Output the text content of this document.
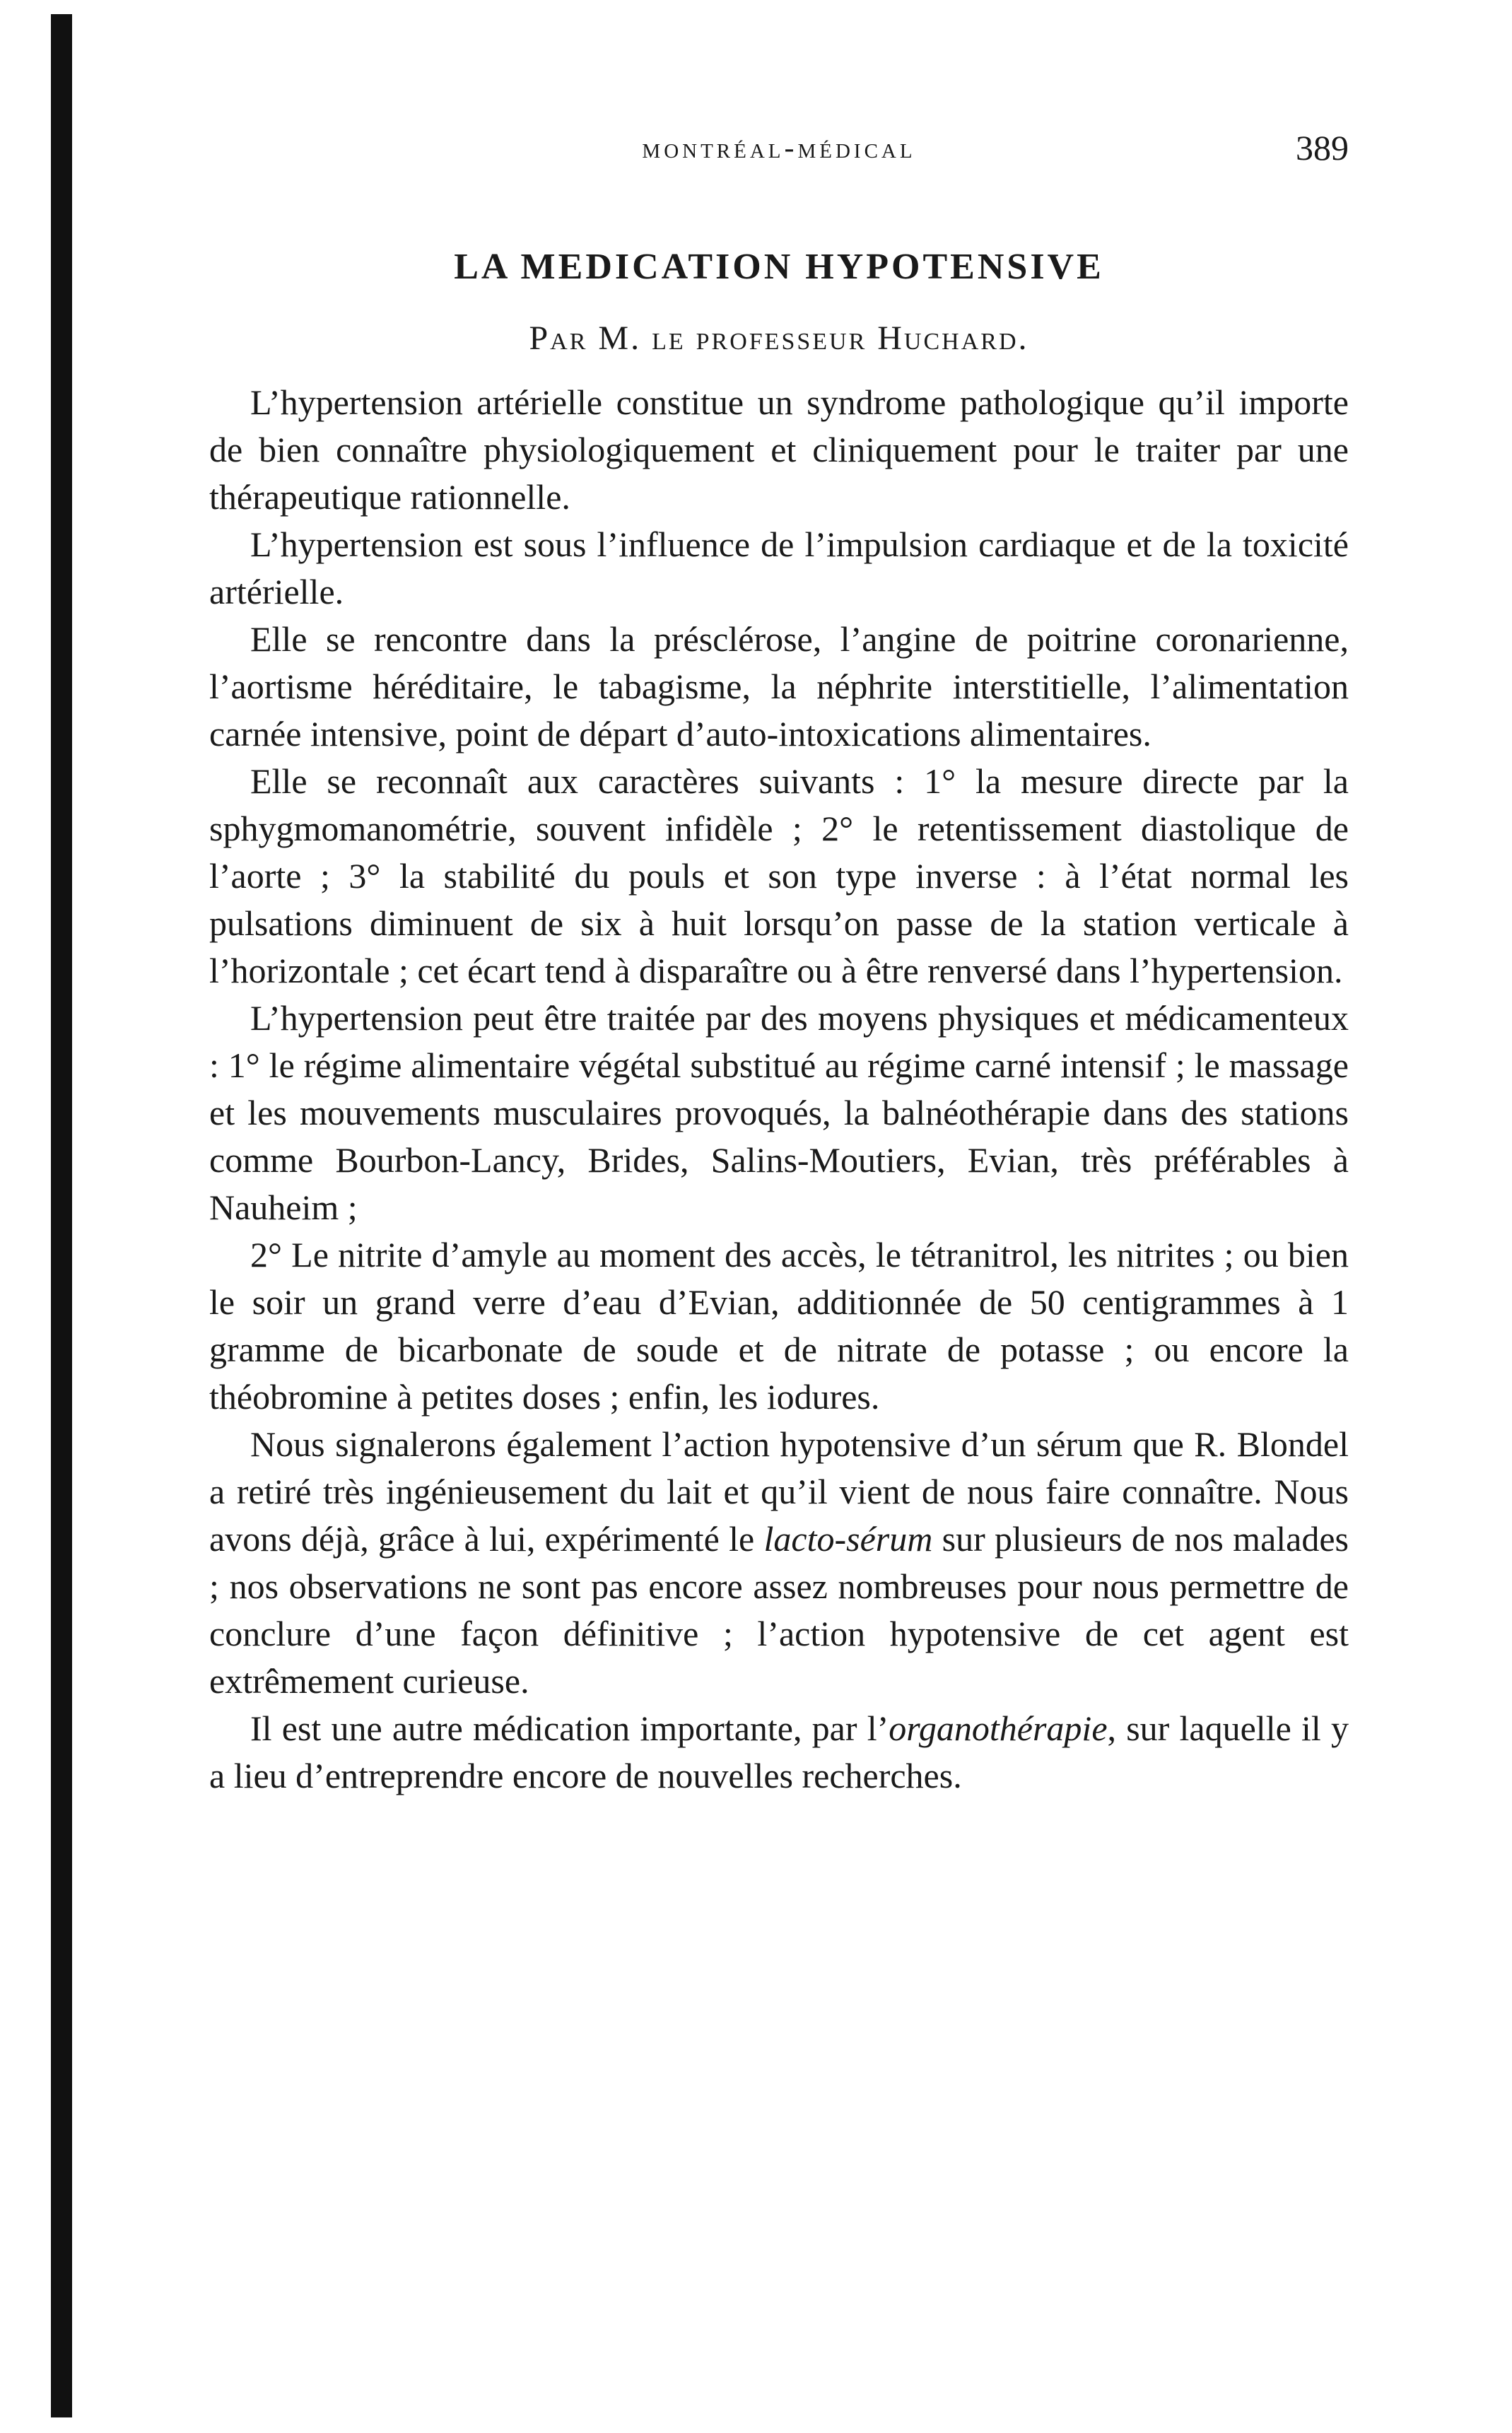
montréal-médical	389
LA MEDICATION HYPOTENSIVE
Par M. le professeur Huchard.

L’hypertension artérielle constitue un syndrome pathologique qu’il importe de bien connaître physiologiquement et cliniquement pour le traiter par une thérapeutique rationnelle.

L’hypertension est sous l’influence de l’impulsion cardiaque et de la toxicité artérielle.

Elle se rencontre dans la présclérose, l’angine de poitrine coronarienne, l’aortisme héréditaire, le tabagisme, la néphrite interstitielle, l’alimentation carnée intensive, point de départ d’auto-intoxications alimentaires.

Elle se reconnaît aux caractères suivants : 1° la mesure directe par la sphygmomanométrie, souvent infidèle ; 2° le retentissement diastolique de l’aorte ; 3° la stabilité du pouls et son type inverse : à l’état normal les pulsations diminuent de six à huit lorsqu’on passe de la station verticale à l’horizontale ; cet écart tend à disparaître ou à être renversé dans l’hypertension.

L’hypertension peut être traitée par des moyens physiques et médicamenteux : 1° le régime alimentaire végétal substitué au régime carné intensif ; le massage et les mouvements musculaires provoqués, la balnéothérapie dans des stations comme Bourbon-Lancy, Brides, Salins-Moutiers, Evian, très préférables à Nauheim ;

2° Le nitrite d’amyle au moment des accès, le tétranitrol, les nitrites ; ou bien le soir un grand verre d’eau d’Evian, additionnée de 50 centigrammes à 1 gramme de bicarbonate de soude et de nitrate de potasse ; ou encore la théobromine à petites doses ; enfin, les iodures.

Nous signalerons également l’action hypotensive d’un sérum que R. Blondel a retiré très ingénieusement du lait et qu’il vient de nous faire connaître. Nous avons déjà, grâce à lui, expérimenté le lacto-sérum sur plusieurs de nos malades ; nos observations ne sont pas encore assez nombreuses pour nous permettre de conclure d’une façon définitive ; l’action hypotensive de cet agent est extrêmement curieuse.

Il est une autre médication importante, par l’organothérapie, sur laquelle il y a lieu d’entreprendre encore de nouvelles recherches.
